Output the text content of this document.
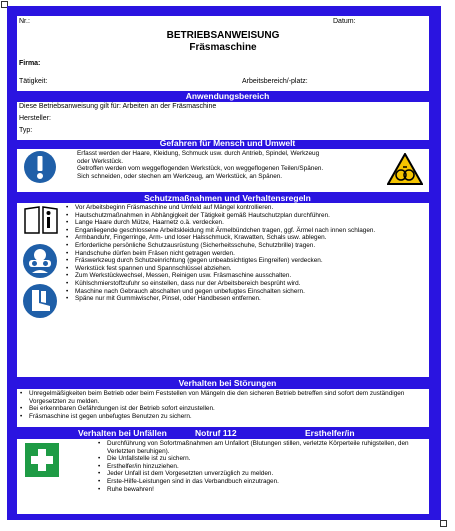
Nr.:	Datum:
BETRIEBSANWEISUNG
Fräsmaschine
Firma:
Tätigkeit:	Arbeitsbereich/-platz:
Anwendungsbereich
Diese Betriebsanweisung gilt für: Arbeiten an der Fräsmaschine
Hersteller:
Typ:
Gefahren für Mensch und Umwelt
Erfasst werden der Haare, Kleidung, Schmuck usw. durch Antrieb, Spindel, Werkzeug
oder Werkstück.
Getroffen werden vom weggeflogenden Werkstück, von weggeflogenen Teilen/Spänen.
Sich schneiden, oder stechen am Werkzeug, am Werkstück, an Spänen.
Schutzmaßnahmen und Verhaltensregeln
• Vor Arbeitsbeginn Fräsmaschine und Umfeld auf Mängel kontrollieren.
• Hautschutzmaßnahmen in Abhängigkeit der Tätigkeit gemäß Hautschutzplan durchführen.
• Lange Haare durch Mütze, Haarnetz o.ä. verdecken.
• Enganliegende geschlossene Arbeitskleidung mit Ärmelbündchen tragen, ggf. Ärmel nach innen schlagen.
• Armbanduhr, Fingerringe, Arm- und loser Halsschmuck, Krawatten, Schals usw. ablegen.
• Erforderliche persönliche Schutzausrüstung (Sicherheitsschuhe, Schutzbrille) tragen.
• Handschuhe dürfen beim Fräsen nicht getragen werden.
• Fräswerkzeug durch Schutzeinrichtung (gegen unbeabsichtigtes Eingreifen) verdecken.
• Werkstück fest spannen und Spannschlüssel abziehen.
• Zum Werkstückwechsel, Messen, Reinigen usw. Fräsmaschine ausschalten.
• Kühlschmierstoffzufuhr so einstellen, dass nur der Arbeitsbereich besprüht wird.
• Maschine nach Gebrauch abschalten und gegen unbefugtes Einschalten sichern.
• Späne nur mit Gummiwischer, Pinsel, oder Handbesen entfernen.
Verhalten bei Störungen
• Unregelmäßigkeiten beim Betrieb oder beim Feststellen von Mängeln die den sicheren Betrieb betreffen sind sofort dem zuständigen Vorgesetzten zu melden.
• Bei erkennbaren Gefährdungen ist der Betrieb sofort einzustellen.
• Fräsmaschine ist gegen unbefugtes Benutzen zu sichern.
Verhalten bei Unfällen	Notruf 112	Ersthelfer/in
• Durchführung von Sofortmaßnahmen am Unfallort (Blutungen stillen, verletzte Körperteile ruhigstellen, den Verletzten beruhigen).
• Die Unfallstelle ist zu sichern.
• Ersthelfer/in hinzuziehen.
• Jeder Unfall ist dem Vorgesetzten unverzüglich zu melden.
• Erste-Hilfe-Leistungen sind in das Verbandbuch einzutragen.
• Ruhe bewahren!
